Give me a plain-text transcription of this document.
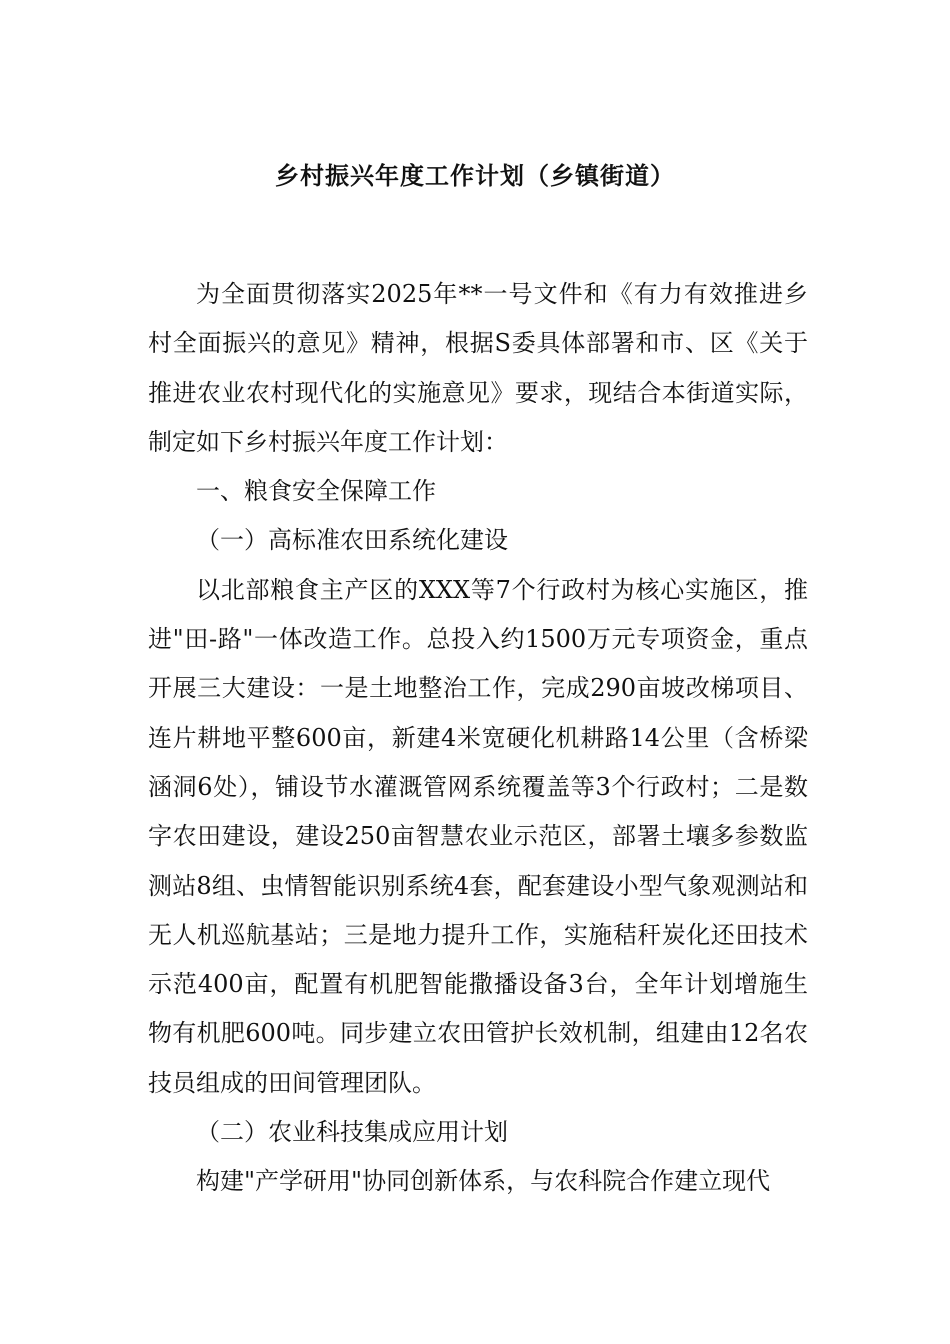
乡村振兴年度工作计划（乡镇街道）

为全面贯彻落实2025年**一号文件和《有力有效推进乡村全面振兴的意见》精神，根据S委具体部署和市、区《关于推进农业农村现代化的实施意见》要求，现结合本街道实际，制定如下乡村振兴年度工作计划：

一、粮食安全保障工作

（一）高标准农田系统化建设

以北部粮食主产区的XXX等7个行政村为核心实施区，推进"田-路"一体改造工作。总投入约1500万元专项资金，重点开展三大建设：一是土地整治工作，完成290亩坡改梯项目、连片耕地平整600亩，新建4米宽硬化机耕路14公里（含桥梁涵洞6处），铺设节水灌溉管网系统覆盖等3个行政村；二是数字农田建设，建设250亩智慧农业示范区，部署土壤多参数监测站8组、虫情智能识别系统4套，配套建设小型气象观测站和无人机巡航基站；三是地力提升工作，实施秸秆炭化还田技术示范400亩，配置有机肥智能撒播设备3台，全年计划增施生物有机肥600吨。同步建立农田管护长效机制，组建由12名农技员组成的田间管理团队。

（二）农业科技集成应用计划

构建"产学研用"协同创新体系，与农科院合作建立现代
